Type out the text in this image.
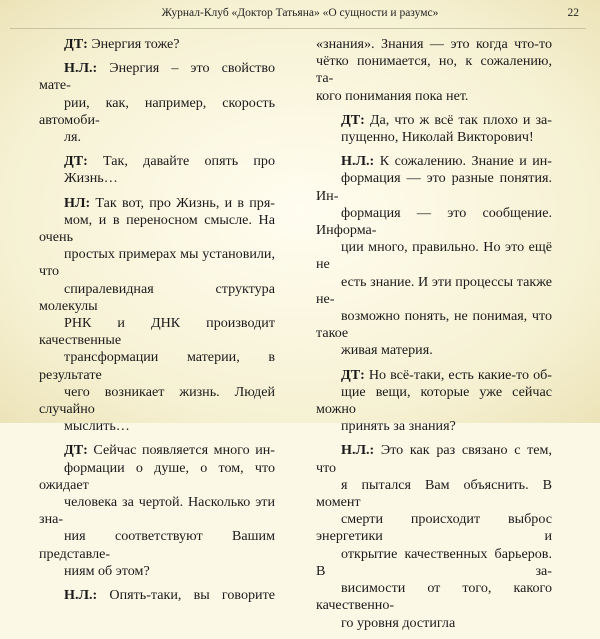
Журнал-Клуб «Доктор Татьяна» «О сущности и разумс»	22

ДТ: Энергия тоже?

Н.Л.: Энергия – это свойство мате-
рии, как, например, скорость автомоби-
ля.

ДТ: Так, давайте опять про
Жизнь…

НЛ: Так вот, про Жизнь, и в пря-
мом, и в переносном смысле. На очень
простых примерах мы установили, что
спиралевидная структура молекулы
РНК и ДНК производит качественные
трансформации материи, в результате
чего возникает жизнь. Людей случайно
мыслить…

ДТ: Сейчас появляется много ин-
формации о душе, о том, что ожидает
человека за чертой. Насколько эти зна-
ния соответствуют Вашим представле-
ниям об этом?

Н.Л.: Опять-таки, вы говорите

«знания». Знания — это когда что-то
чётко понимается, но, к сожалению, та-
кого понимания пока нет.

ДТ: Да, что ж всё так плохо и за-
пущенно, Николай Викторович!

Н.Л.: К сожалению. Знание и ин-
формация — это разные понятия. Ин-
формация — это сообщение. Информа-
ции много, правильно. Но это ещё не
есть знание. И эти процессы также не-
возможно понять, не понимая, что такое
живая материя.

ДТ: Но всё-таки, есть какие-то об-
щие вещи, которые уже сейчас можно
принять за знания?

Н.Л.: Это как раз связано с тем, что
я пытался Вам объяснить. В момент
смерти происходит выброс энергетики и
открытие качественных барьеров. В за-
висимости от того, какого качественно-
го уровня достигла
